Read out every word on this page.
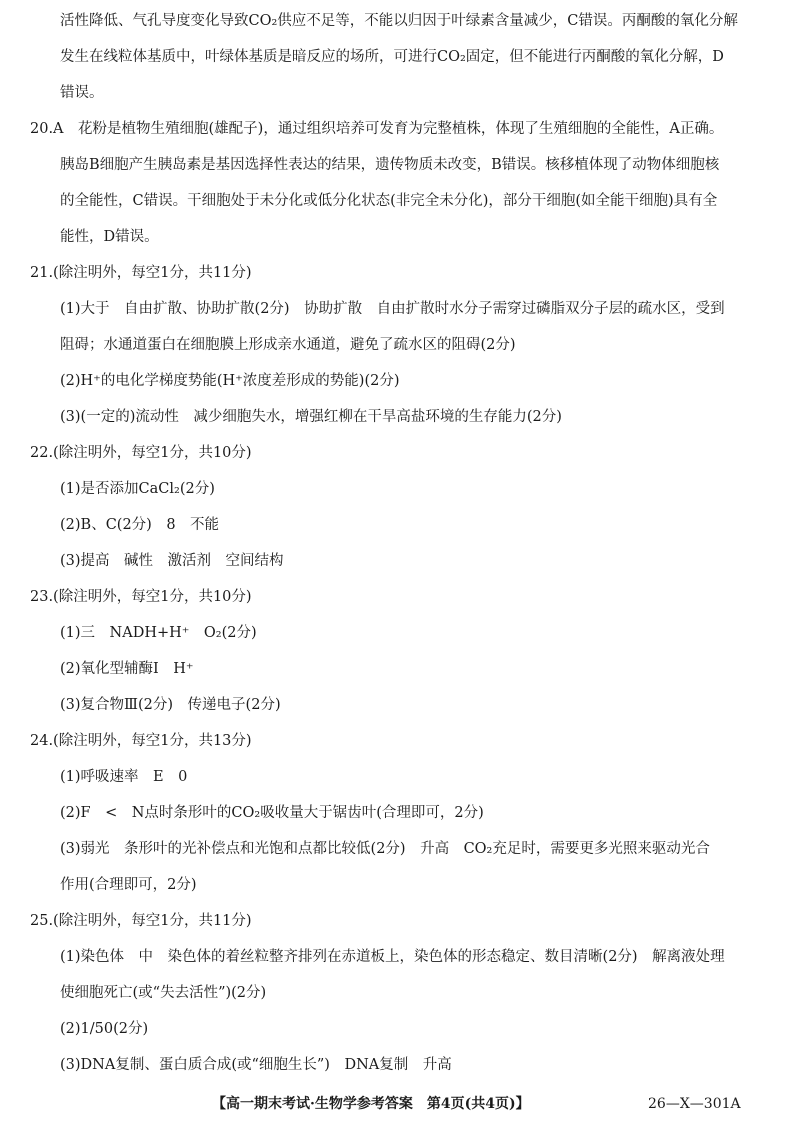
活性降低、气孔导度变化导致CO₂供应不足等，不能以归因于叶绿素含量减少，C错误。丙酮酸的氧化分解
发生在线粒体基质中，叶绿体基质是暗反应的场所，可进行CO₂固定，但不能进行丙酮酸的氧化分解，D
错误。
20.A　花粉是植物生殖细胞(雄配子)，通过组织培养可发育为完整植株，体现了生殖细胞的全能性，A正确。
胰岛B细胞产生胰岛素是基因选择性表达的结果，遗传物质未改变，B错误。核移植体现了动物体细胞核
的全能性，C错误。干细胞处于未分化或低分化状态(非完全未分化)，部分干细胞(如全能干细胞)具有全
能性，D错误。
21.(除注明外，每空1分，共11分)
(1)大于　自由扩散、协助扩散(2分)　协助扩散　自由扩散时水分子需穿过磷脂双分子层的疏水区，受到
阻碍；水通道蛋白在细胞膜上形成亲水通道，避免了疏水区的阻碍(2分)
(2)H⁺的电化学梯度势能(H⁺浓度差形成的势能)(2分)
(3)(一定的)流动性　减少细胞失水，增强红柳在干旱高盐环境的生存能力(2分)
22.(除注明外，每空1分，共10分)
(1)是否添加CaCl₂(2分)
(2)B、C(2分)　8　不能
(3)提高　碱性　激活剂　空间结构
23.(除注明外，每空1分，共10分)
(1)三　NADH+H⁺　O₂(2分)
(2)氧化型辅酶Ⅰ　H⁺
(3)复合物Ⅲ(2分)　传递电子(2分)
24.(除注明外，每空1分，共13分)
(1)呼吸速率　E　0
(2)F　<　N点时条形叶的CO₂吸收量大于锯齿叶(合理即可，2分)
(3)弱光　条形叶的光补偿点和光饱和点都比较低(2分)　升高　CO₂充足时，需要更多光照来驱动光合
作用(合理即可，2分)
25.(除注明外，每空1分，共11分)
(1)染色体　中　染色体的着丝粒整齐排列在赤道板上，染色体的形态稳定、数目清晰(2分)　解离液处理
使细胞死亡(或“失去活性”)(2分)
(2)1/50(2分)
(3)DNA复制、蛋白质合成(或“细胞生长”)　DNA复制　升高
【高一期末考试·生物学参考答案　第4页(共4页)】	26—X—301A
